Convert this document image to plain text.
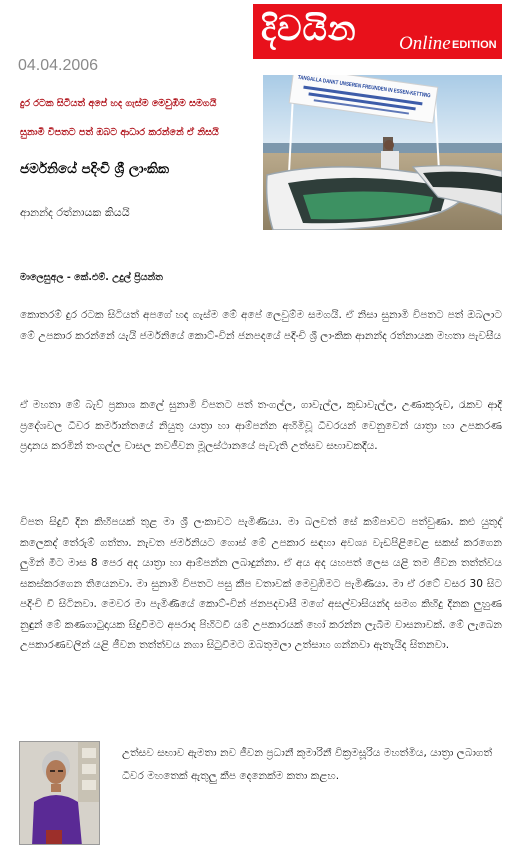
දිවයින Online EDITION
04.04.2006
දුර රටක සිටියත් අපේ හද ගැස්ම මෙවුඹිම සමගයි
සුනාමි විපතට පත් ඔබට ආධාර කරන්නේ ඒ නිසයි
ජර්මනියේ පදිංචි ශ්‍රී ලාංකික
ආනන්ද රත්නායක කියයි
TANGALLA DANKT UNSEREN FREUNDEN IN ESSEN-KETTWIG
මාලෙසුඅල - කේ.එම්. උදුල් ප්‍රියන්ත

කොතරම් දුර රටක සිටියත් අපගේ හද ගැස්ම මේ අපේ ලෙවුම්ම සමගයි. ඒ නිසා සුනාමි විපතට පත් ඔබලාට මේ උපකාර කරන්නේ යැයි ජර්මනියේ කොට්-වින් ජනපදයේ පදිංචි ශ්‍රී ලාංකික ආනන්ද රත්නායක මහතා පැවසීය

ඒ මහතා මේ බැව් ප්‍රකාශ කලේ සුනාමි විපතට පත් තංගල්ල, ගාවැල්ල, කුඩාවැල්ල, උණාකුරුව, රැකව ආදි ප්‍රදේශවල ධීවර කර්මාන්තයේ නියුතු යාත්‍රා හා ආම්පන්න අහිමිවූ ධීවරයන් වෙනුවෙන් යාත්‍රා හා උපකරණ ප්‍රදානය කරමින් තංගල්ල වාසල නවජීවන මූලස්ථානයේ පැවැති උත්සව සභාවකදීය.

විපත සිදුවී දින කිහිපයක් තුළ මා ශ්‍රී ලංකාවට පැමිණියා. මා බලවත් සේ කම්පාවට පත්වුණා. කළු යුතුද් කලෙකද් තේරුම් ගත්තා. නැවත ජර්මනියට ගොස් මේ උපකාර සඳහා අවශ්‍ය වැඩපිළිවෙළ සකස් කරගෙන ලුමින් මීට මාස 8 පෙර අද යාත්‍රා හා ආම්පන්න ලබාදුන්නා. ඒ අය අද යහපත් ලෙස යළි තම ජීවන තත්ත්වය සකස්කරගෙන තියෙනවා. මා සුනාමි විපතට පසු කීප වතාවක් මෙවුඹිමට පැමිණියා. මා ඒ රටේ වසර 30 සිට පදිංචි වී සිටිනවා. මෙවර මා පැමිණියේ කොට්-වින් ජනපදවාසී මගේ අසල්වාසියන්ද සමග කිහිදු දිනක ලුහුණ නුඳුන් මේ කණගාටුදායක සිදුවීමට අපරාද පිහිටවී යම් උපකාරයක් හෝ කරන්න ලැබීම වාසනාවක්. මේ ලැබෙන උපකාරණවලින් යළි ජීවන තත්ත්වය නගා සිටුවීමට ඔබතුමලා උත්සාහ ගන්නවා ඇතැයිද සිතනවා.

උත්සව සභාව ඇමතා නව ජීවන ප්‍රධානී කුමාරිනී වික්‍රමසූරිය මහත්මිය, යාත්‍රා ලබාගත් ධීවර මහතෙක් ඇතුලු කීප දෙනෙක්ම කතා කළහ.
